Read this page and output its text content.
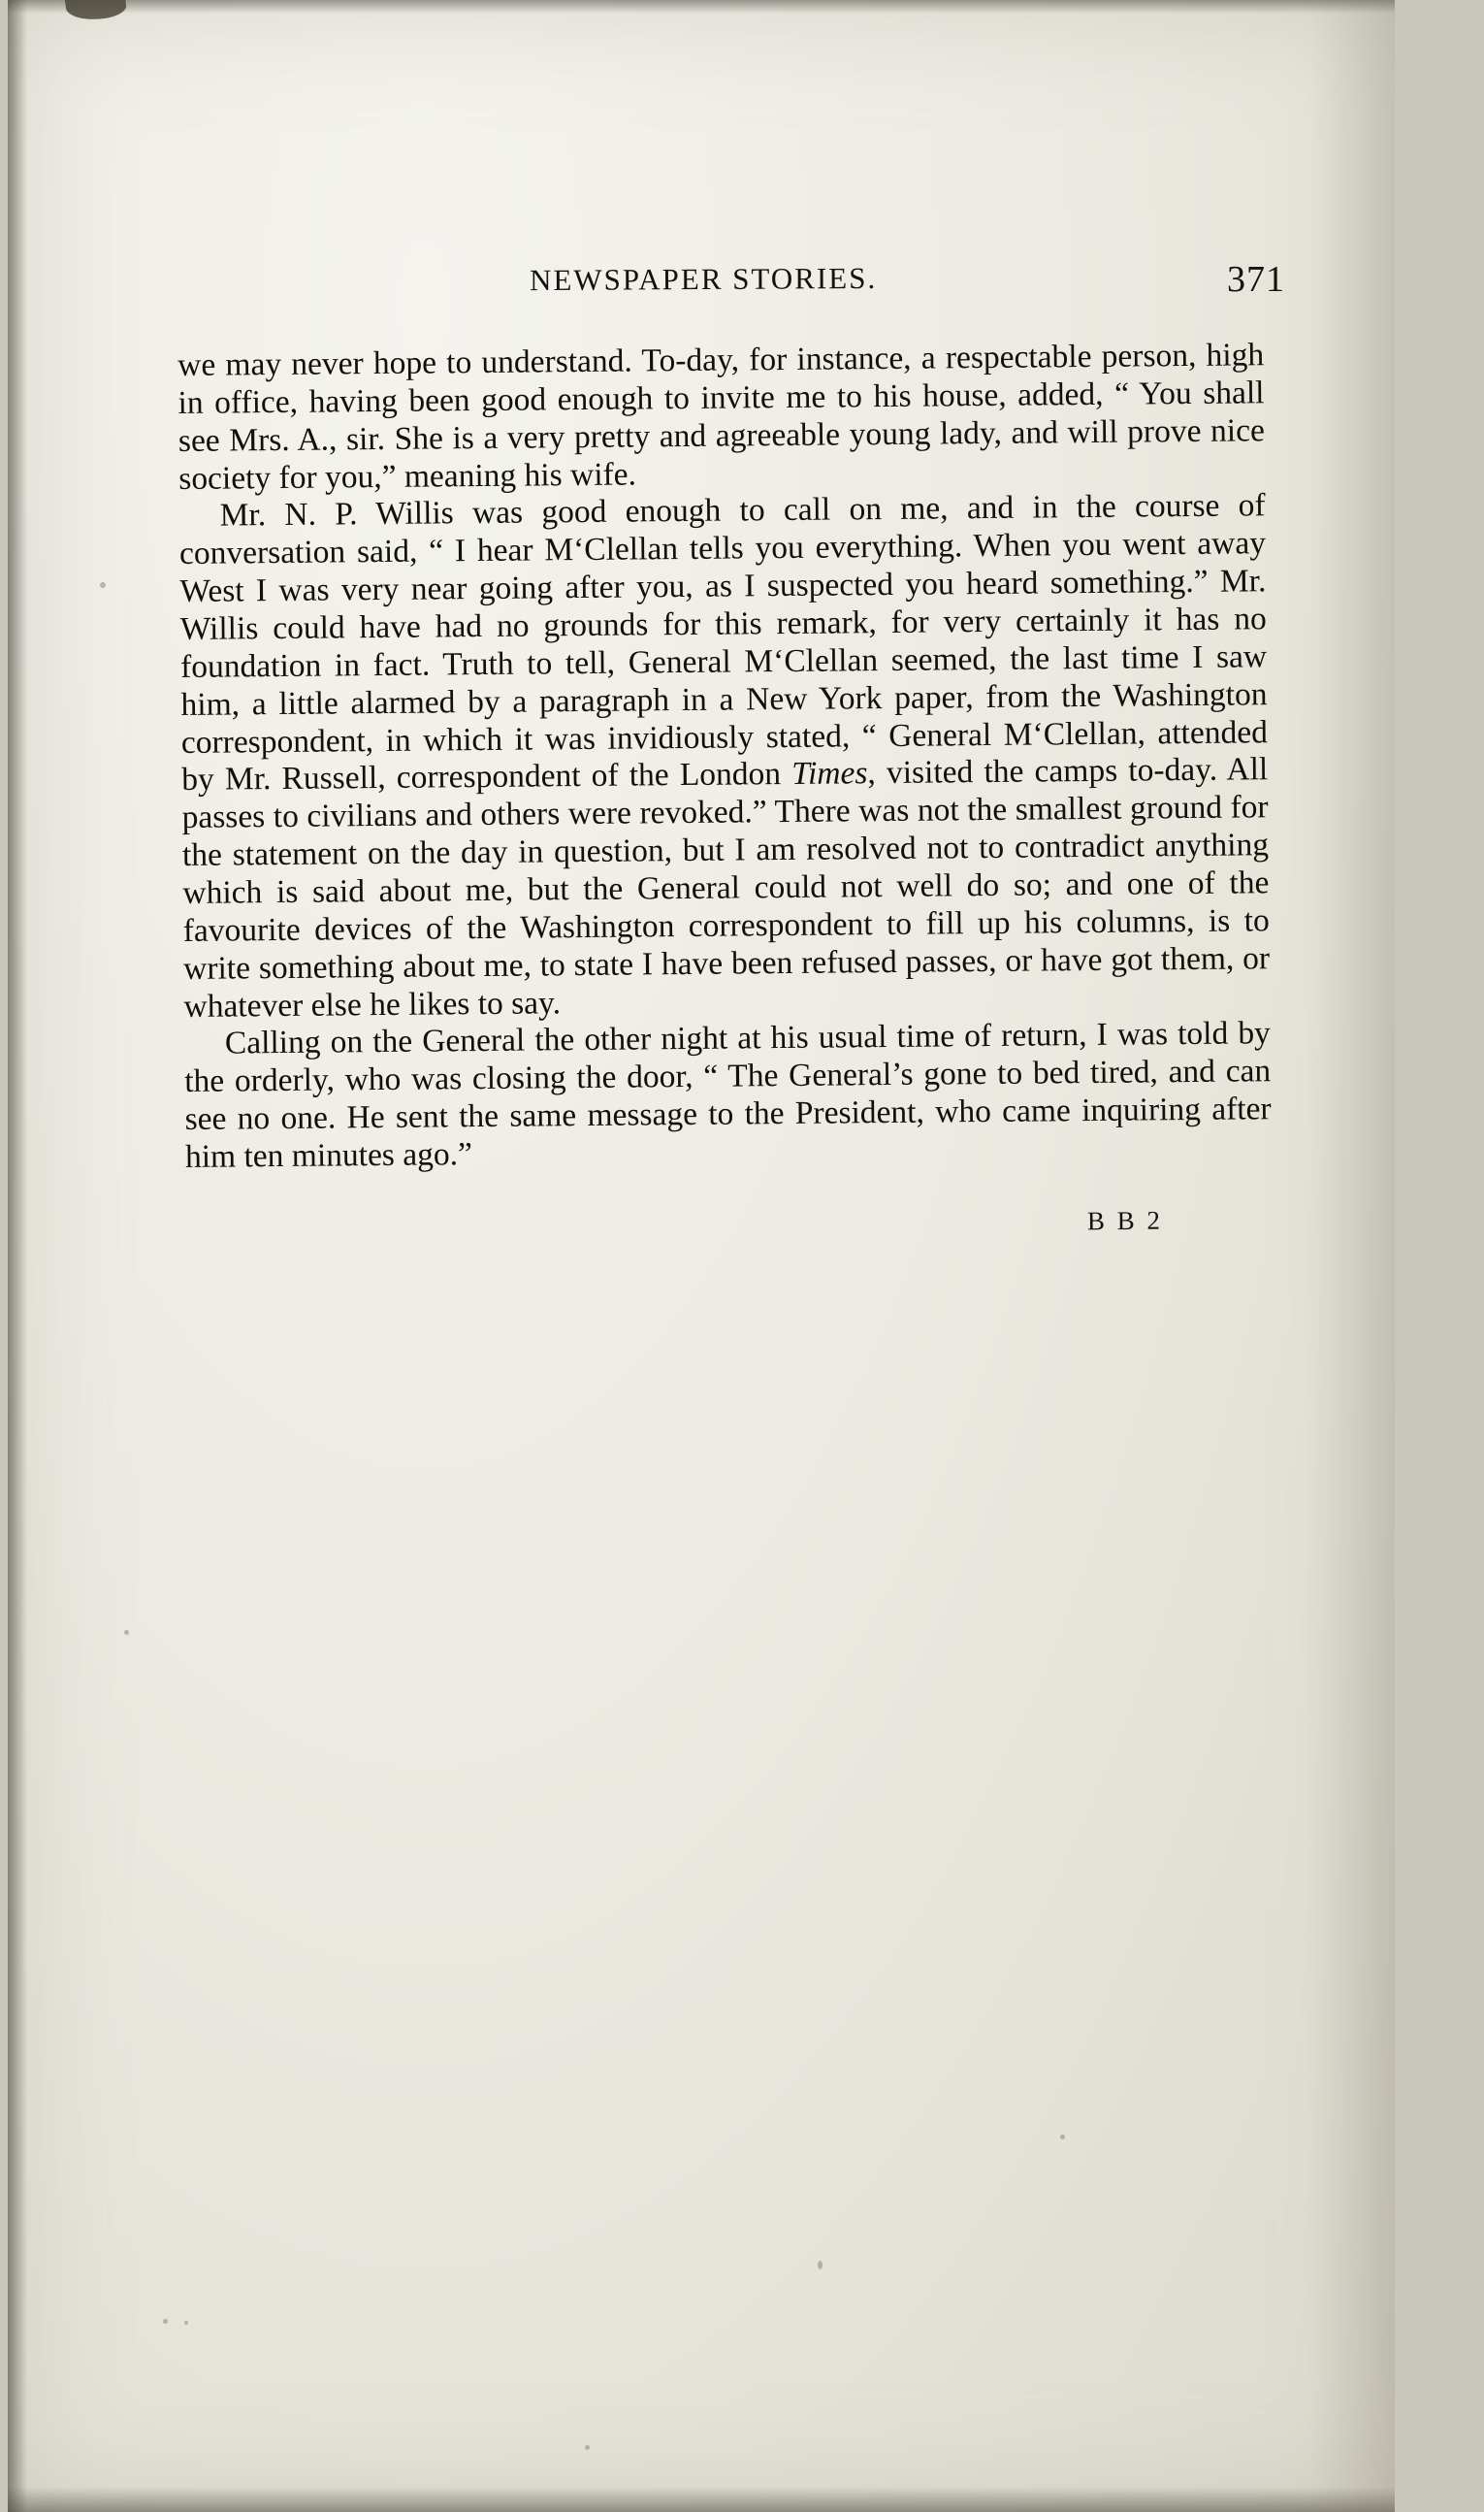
NEWSPAPER STORIES.	371

we may never hope to understand. To-day, for instance, a respectable person, high in office, having been good enough to invite me to his house, added, “ You shall see Mrs. A., sir. She is a very pretty and agreeable young lady, and will prove nice society for you,” meaning his wife.

Mr. N. P. Willis was good enough to call on me, and in the course of conversation said, “ I hear M‘Clellan tells you everything. When you went away West I was very near going after you, as I suspected you heard something.” Mr. Willis could have had no grounds for this remark, for very certainly it has no foundation in fact. Truth to tell, General M‘Clellan seemed, the last time I saw him, a little alarmed by a paragraph in a New York paper, from the Washington correspondent, in which it was invidiously stated, “ General M‘Clellan, attended by Mr. Russell, correspondent of the London Times, visited the camps to-day. All passes to civilians and others were revoked.” There was not the smallest ground for the statement on the day in question, but I am resolved not to contradict anything which is said about me, but the General could not well do so; and one of the favourite devices of the Washington correspondent to fill up his columns, is to write something about me, to state I have been refused passes, or have got them, or whatever else he likes to say.

Calling on the General the other night at his usual time of return, I was told by the orderly, who was closing the door, “ The General’s gone to bed tired, and can see no one. He sent the same message to the President, who came inquiring after him ten minutes ago.”

B B 2
